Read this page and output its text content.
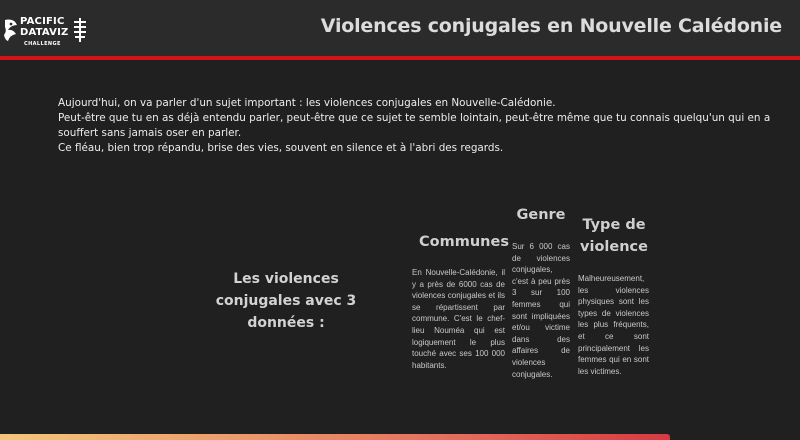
PACIFIC
DATAVIZ
CHALLENGE
Violences conjugales en Nouvelle Calédonie

Aujourd'hui, on va parler d'un sujet important : les violences conjugales en Nouvelle-Calédonie.

Peut-être que tu en as déjà entendu parler, peut-être que ce sujet te semble lointain, peut-être même que tu connais quelqu'un qui en a souffert sans jamais oser en parler.

Ce fléau, bien trop répandu, brise des vies, souvent en silence et à l'abri des regards.

Les violences conjugales avec 3 données :
Communes
En Nouvelle-Calédonie, il y a près de 6000 cas de violences conjugales et ils se répartissent par commune. C'est le chef-lieu Nouméa qui est logiquement le plus touché avec ses 100 000 habitants.
Genre
Sur 6 000 cas de violences conjugales, c'est à peu près 3 sur 100 femmes qui sont impliquées et/ou victime dans des affaires de violences conjugales.
Type de violence
Malheureusement, les violences physiques sont les types de violences les plus fréquents, et ce sont principalement les femmes qui en sont les victimes.
